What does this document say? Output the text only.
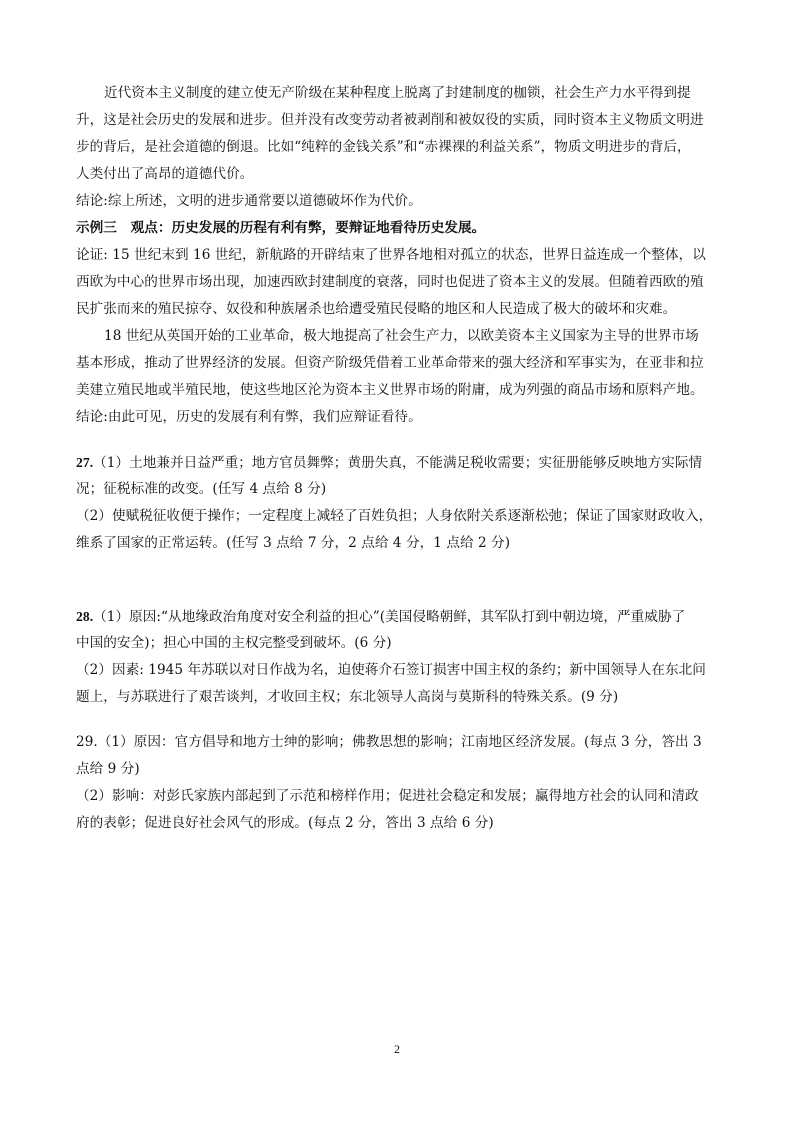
近代资本主义制度的建立使无产阶级在某种程度上脱离了封建制度的枷锁，社会生产力水平得到提
升，这是社会历史的发展和进步。但并没有改变劳动者被剥削和被奴役的实质，同时资本主义物质文明进
步的背后，是社会道德的倒退。比如“纯粹的金钱关系”和“赤裸裸的利益关系”，物质文明进步的背后，
人类付出了高昂的道德代价。
结论:综上所述，文明的进步通常要以道德破坏作为代价。
示例三　观点：历史发展的历程有利有弊，要辩证地看待历史发展。
论证: 15 世纪末到 16 世纪，新航路的开辟结束了世界各地相对孤立的状态，世界日益连成一个整体，以
西欧为中心的世界市场出现，加速西欧封建制度的衰落，同时也促进了资本主义的发展。但随着西欧的殖
民扩张而来的殖民掠夺、奴役和种族屠杀也给遭受殖民侵略的地区和人民造成了极大的破坏和灾难。
18 世纪从英国开始的工业革命，极大地提高了社会生产力，以欧美资本主义国家为主导的世界市场
基本形成，推动了世界经济的发展。但资产阶级凭借着工业革命带来的强大经济和军事实为，在亚非和拉
美建立殖民地或半殖民地，使这些地区沦为资本主义世界市场的附庸，成为列强的商品市场和原料产地。
结论:由此可见，历史的发展有利有弊，我们应辩证看待。
27.（1）土地兼并日益严重；地方官员舞弊；黄册失真，不能满足税收需要；实征册能够反映地方实际情
况；征税标准的改变。(任写 4 点给 8 分)
（2）使赋税征收便于操作；一定程度上减轻了百姓负担；人身依附关系逐渐松弛；保证了国家财政收入，
维系了国家的正常运转。(任写 3 点给 7 分，2 点给 4 分，1 点给 2 分)
28.（1）原因:“从地缘政治角度对安全利益的担心”(美国侵略朝鲜，其军队打到中朝边境，严重威胁了
中国的安全)；担心中国的主权完整受到破坏。(6 分)
（2）因素: 1945 年苏联以对日作战为名，迫使蒋介石签订损害中国主权的条约；新中国领导人在东北问
题上，与苏联进行了艰苦谈判，才收回主权；东北领导人高岗与莫斯科的特殊关系。(9 分)
29.（1）原因：官方倡导和地方士绅的影响；佛教思想的影响；江南地区经济发展。(每点 3 分，答出 3
点给 9 分)
（2）影响：对彭氏家族内部起到了示范和榜样作用；促进社会稳定和发展；赢得地方社会的认同和清政
府的表彰；促进良好社会风气的形成。(每点 2 分，答出 3 点给 6 分)
2
